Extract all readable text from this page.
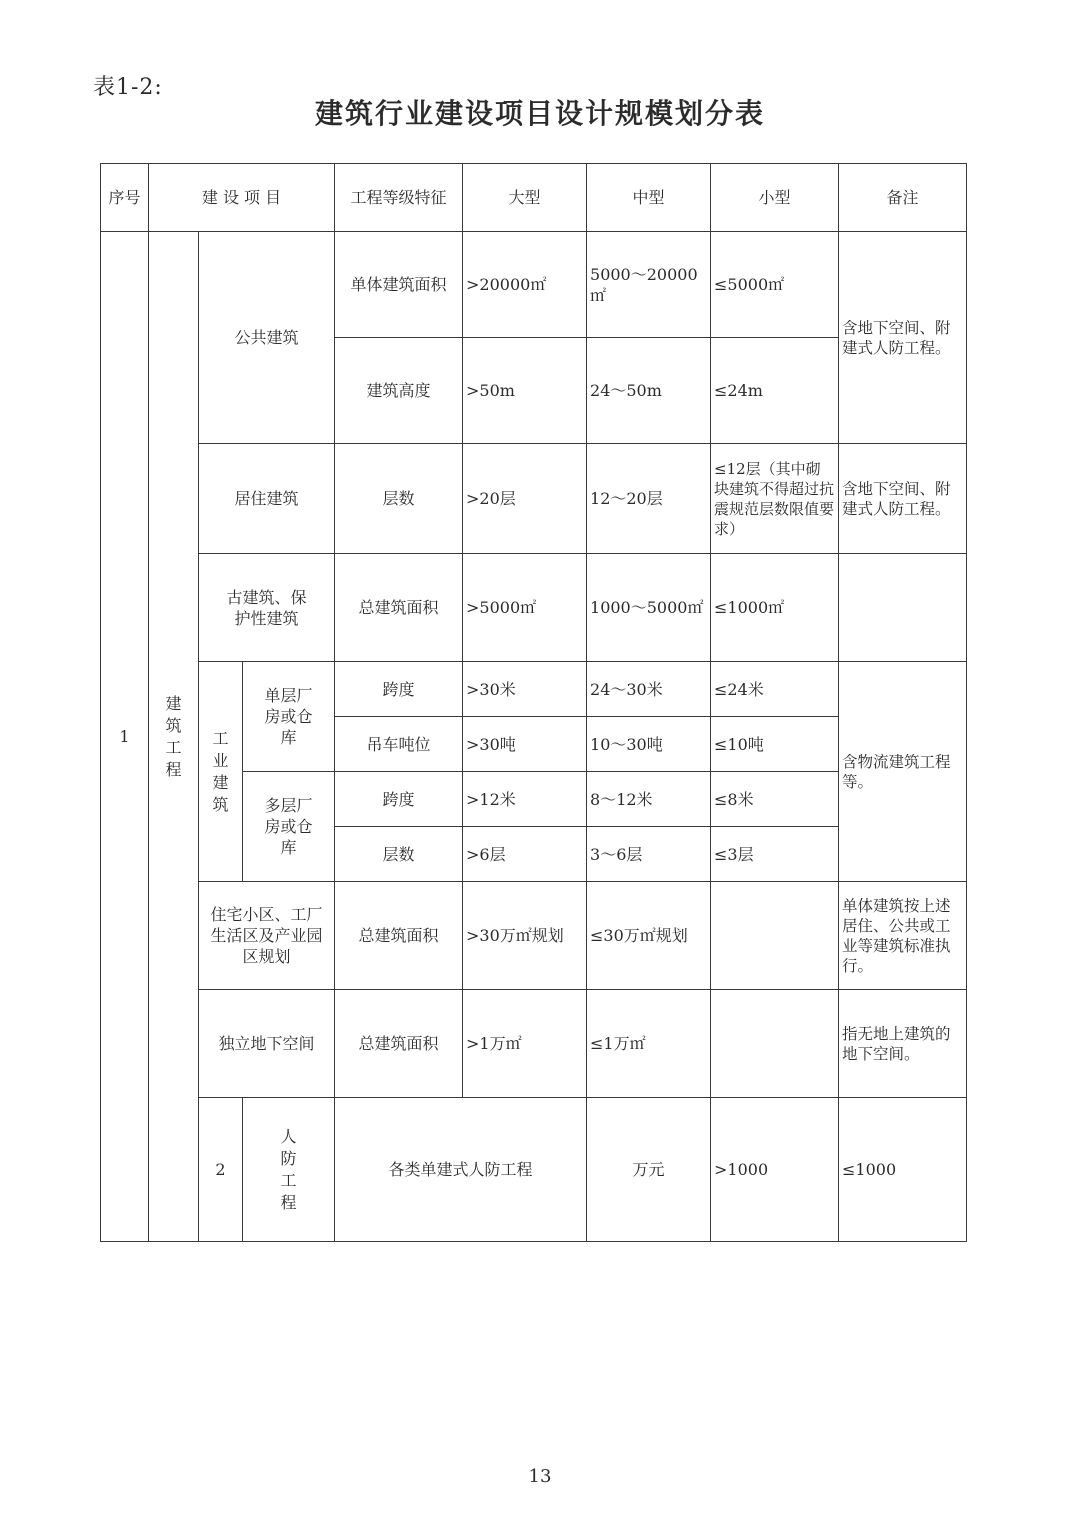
表1-2:
建筑行业建设项目设计规模划分表
序号	建 设 项 目			工程等级特征	大型	中型	小型	备注	
1	建筑工程	公共建筑		单体建筑面积	>20000㎡	5000～20000㎡	≤5000㎡	含地下空间、附建式人防工程。	
				建筑高度	>50m	24～50m	≤24m		
		居住建筑		层数	>20层	12～20层	≤12层（其中砌块建筑不得超过抗震规范层数限值要求）	含地下空间、附建式人防工程。	
		古建筑、保护性建筑		总建筑面积	>5000㎡	1000～5000㎡	≤1000㎡		
		工业建筑	单层厂房或仓库	跨度	>30米	24～30米	≤24米	含物流建筑工程等。	
				吊车吨位	>30吨	10～30吨	≤10吨		
			多层厂房或仓库	跨度	>12米	8～12米	≤8米		
				层数	>6层	3～6层	≤3层		
		住宅小区、工厂生活区及产业园区规划		总建筑面积	>30万㎡规划	≤30万㎡规划		单体建筑按上述居住、公共或工业等建筑标准执行。	
		独立地下空间		总建筑面积	>1万㎡	≤1万㎡		指无地上建筑的地下空间。	
		2	人防工程	各类单建式人防工程		万元	>1000	≤1000		
13
